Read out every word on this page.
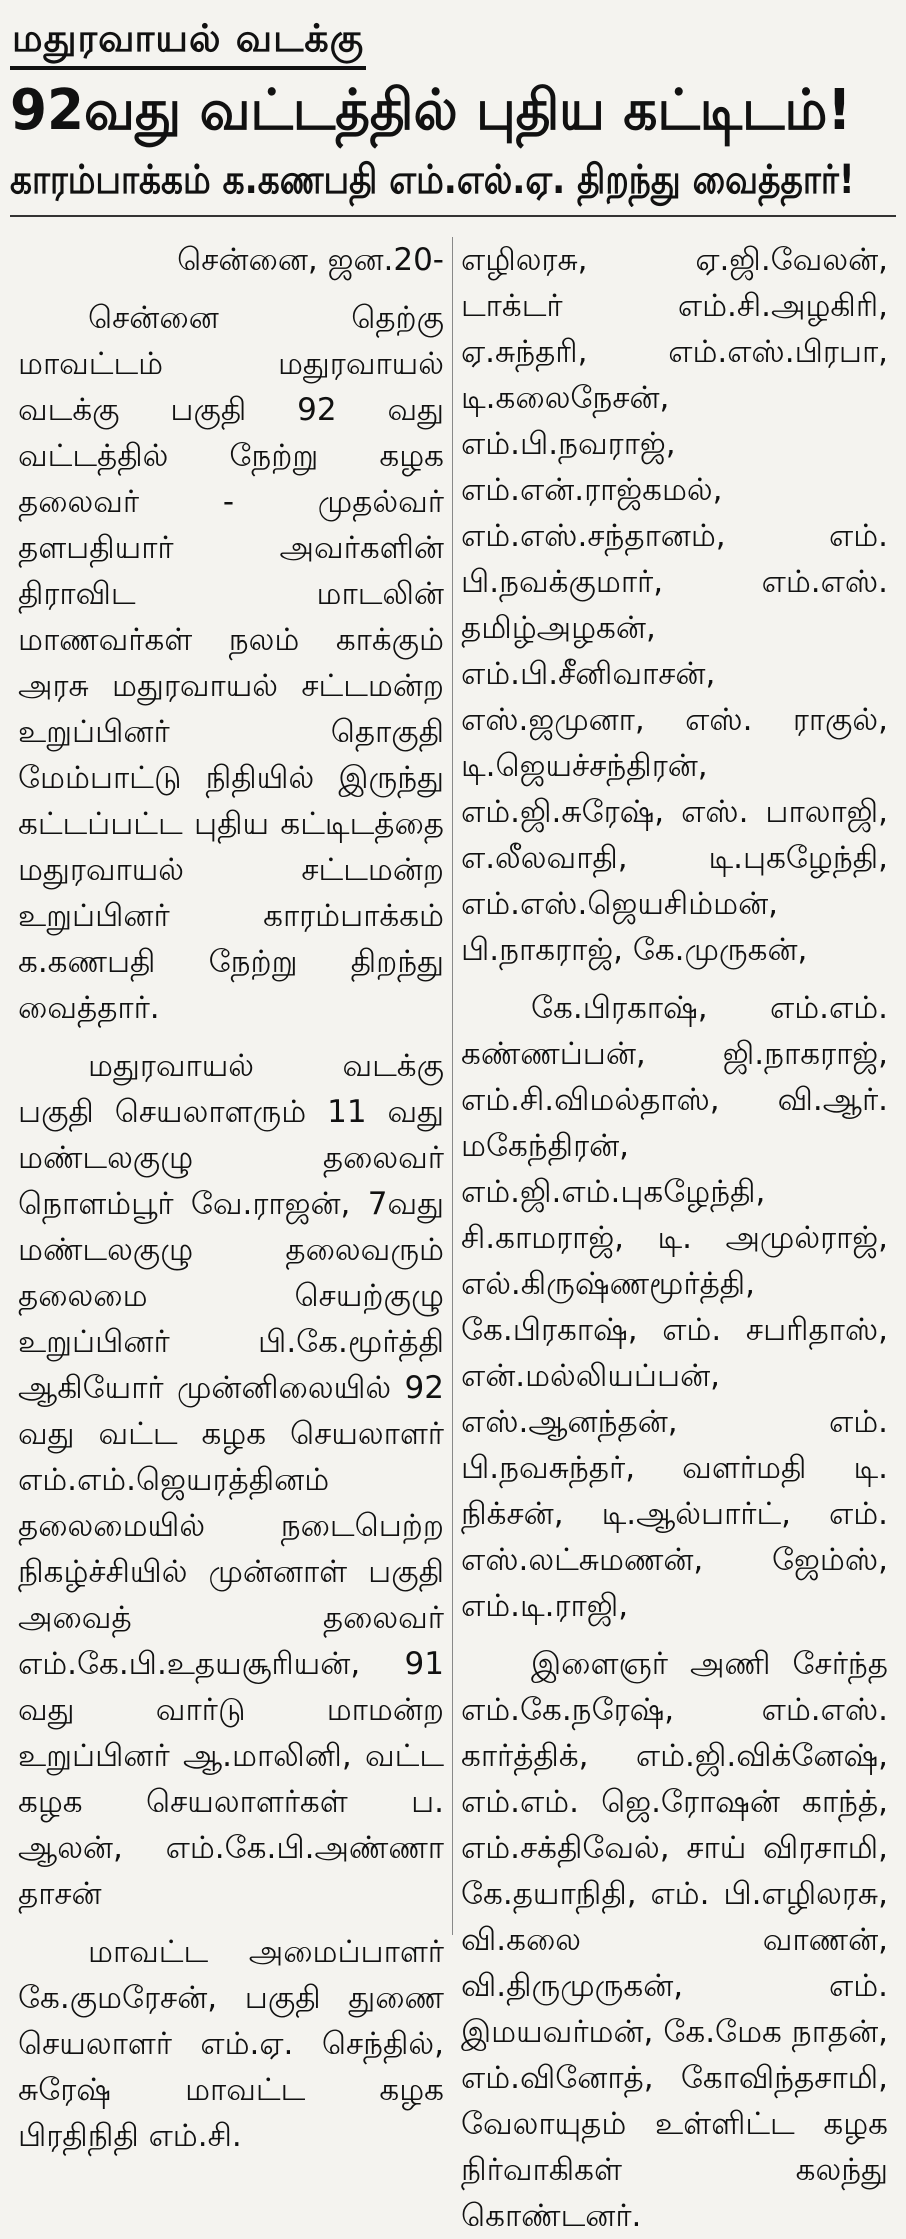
மதுரவாயல் வடக்கு
92வது வட்டத்தில் புதிய கட்டிடம்!
காரம்பாக்கம் க.கணபதி எம்.எல்.ஏ. திறந்து வைத்தார்!

சென்னை, ஜன.20-

சென்னை தெற்கு மாவட்டம் மதுரவாயல் வடக்கு பகுதி 92 வது வட்டத்தில் நேற்று கழக தலைவர் - முதல்வர் தளபதியார் அவர்களின் திராவிட மாடலின் மாணவர்கள் நலம் காக்கும் அரசு மதுரவாயல் சட்டமன்ற உறுப்பினர் தொகுதி மேம்பாட்டு நிதியில் இருந்து கட்டப்பட்ட புதிய கட்டிடத்தை மதுரவாயல் சட்டமன்ற உறுப்பினர் காரம்பாக்கம் க.கணபதி நேற்று திறந்து வைத்தார்.

மதுரவாயல் வடக்கு பகுதி செயலாளரும் 11 வது மண்டலகுழு தலைவர் நொளம்பூர் வே.ராஜன், 7வது மண்டலகுழு தலைவரும் தலைமை செயற்குழு உறுப்பினர் பி.கே.மூர்த்தி ஆகியோர் முன்னிலையில் 92 வது வட்ட கழக செயலாளர் எம்.எம்.ஜெயரத்தினம் தலைமையில் நடைபெற்ற நிகழ்ச்சியில் முன்னாள் பகுதி அவைத் தலைவர் எம்.கே.பி.உதயசூரியன், 91 வது வார்டு மாமன்ற உறுப்பினர் ஆ.மாலினி, வட்ட கழக செயலாளர்கள் ப. ஆலன், எம்.கே.பி.அண்ணா தாசன்

மாவட்ட அமைப்பாளர் கே.குமரேசன், பகுதி துணை செயலாளர் எம்.ஏ. செந்தில், சுரேஷ் மாவட்ட கழக பிரதிநிதி எம்.சி.

எழிலரசு, ஏ.ஜி.வேலன், டாக்டர் எம்.சி.அழகிரி, ஏ.சுந்தரி, எம்.எஸ்.பிரபா, டி.கலைநேசன், எம்.பி.நவராஜ், எம்.என்.ராஜ்கமல், எம்.எஸ்.சந்தானம், எம். பி.நவக்குமார், எம்.எஸ். தமிழ்அழகன், எம்.பி.சீனிவாசன், எஸ்.ஜமுனா, எஸ். ராகுல், டி.ஜெயச்சந்திரன், எம்.ஜி.சுரேஷ், எஸ். பாலாஜி, எ.லீலவாதி, டி.புகழேந்தி, எம்.எஸ்.ஜெயசிம்மன், பி.நாகராஜ், கே.முருகன்,

கே.பிரகாஷ், எம்.எம். கண்ணப்பன், ஜி.நாகராஜ், எம்.சி.விமல்தாஸ், வி.ஆர். மகேந்திரன், எம்.ஜி.எம்.புகழேந்தி, சி.காமராஜ், டி. அமுல்ராஜ், எல்.கிருஷ்ணமூர்த்தி, கே.பிரகாஷ், எம். சபரிதாஸ், என்.மல்லியப்பன், எஸ்.ஆனந்தன், எம். பி.நவசுந்தர், வளர்மதி டி. நிக்சன், டி.ஆல்பார்ட், எம். எஸ்.லட்சுமணன், ஜேம்ஸ், எம்.டி.ராஜி,

இளைஞர் அணி சேர்ந்த எம்.கே.நரேஷ், எம்.எஸ். கார்த்திக், எம்.ஜி.விக்னேஷ், எம்.எம். ஜெ.ரோஷன் காந்த், எம்.சக்திவேல், சாய் விரசாமி, கே.தயாநிதி, எம். பி.எழிலரசு, வி.கலை வாணன், வி.திருமுருகன், எம். இமயவர்மன், கே.மேக நாதன், எம்.வினோத், கோவிந்தசாமி, வேலாயுதம் உள்ளிட்ட கழக நிர்வாகிகள் கலந்து கொண்டனர்.
